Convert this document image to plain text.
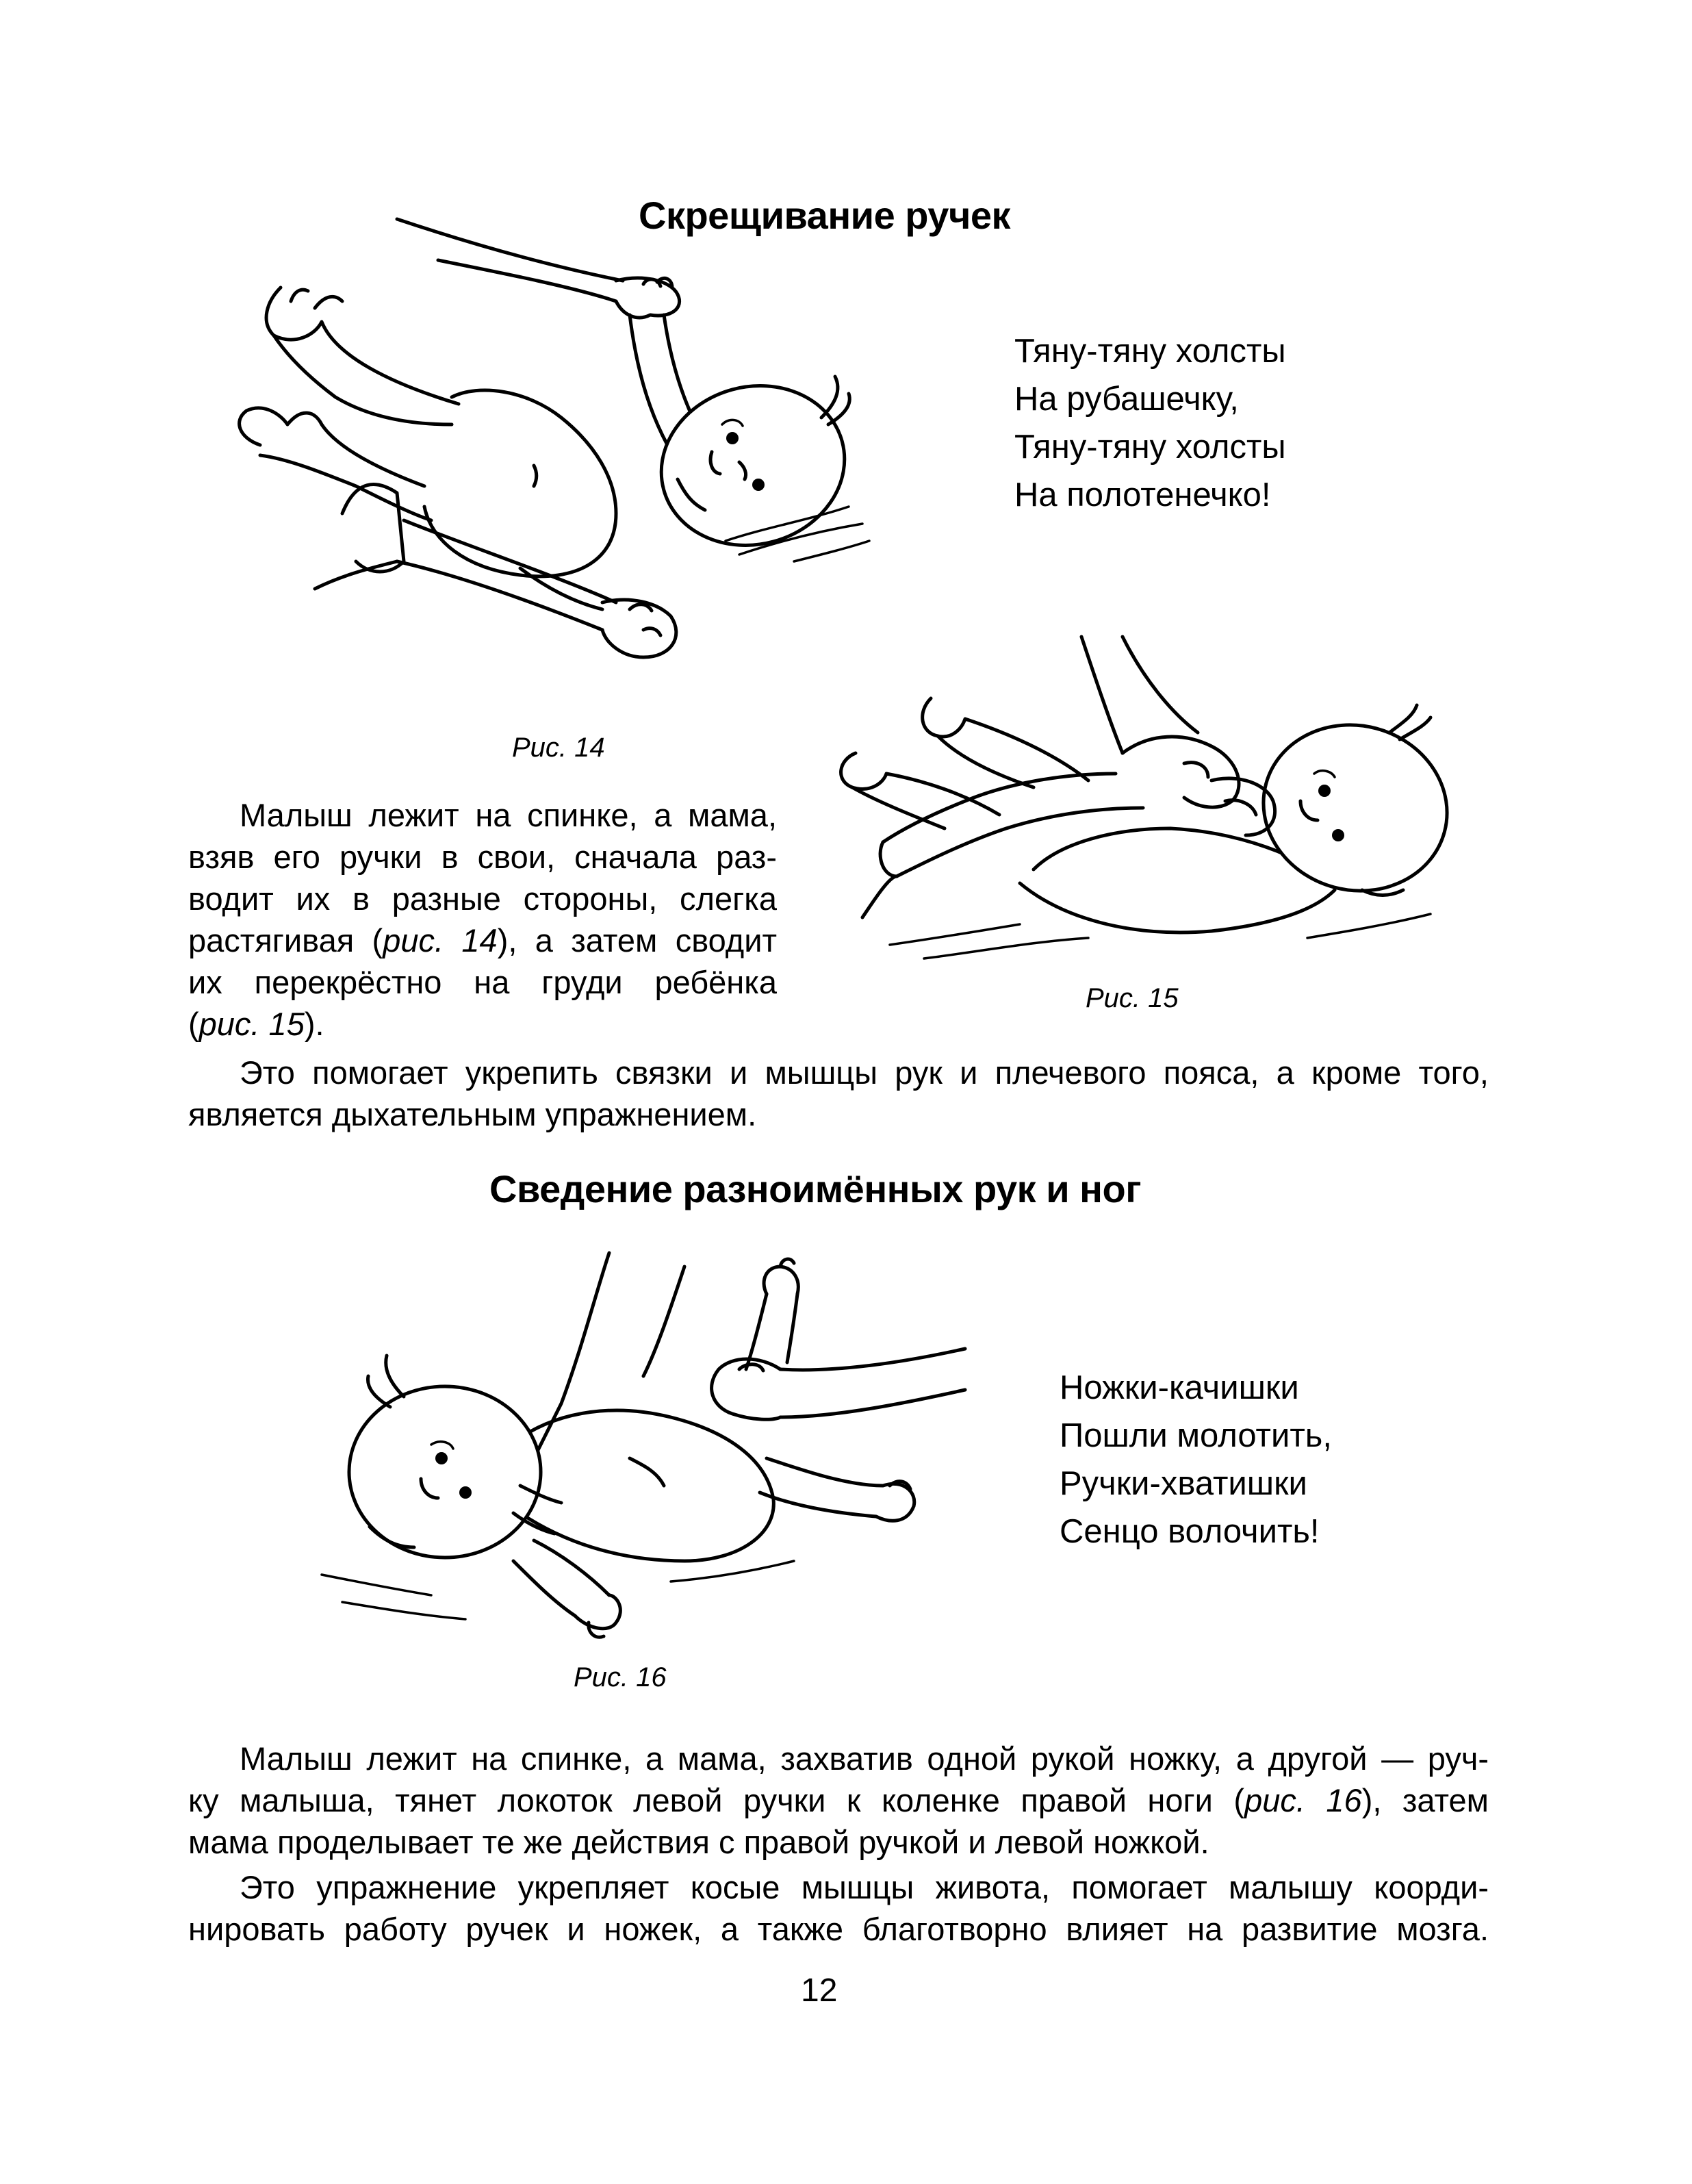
Скрещивание ручек
Тяну-тяну холсты
На рубашечку,
Тяну-тяну холсты
На полотенечко!
Рис. 14
Рис. 15
Малыш лежит на спинке, а мама,
взяв его ручки в свои, сначала раз-
водит их в разные стороны, слегка
растягивая (рис. 14), а затем сводит
их перекрёстно на груди ребёнка
(рис. 15).
Это помогает укрепить связки и мышцы рук и плечевого пояса, а кроме того,
является дыхательным упражнением.
Сведение разноимённых рук и ног
Ножки-качишки
Пошли молотить,
Ручки-хватишки
Сенцо волочить!
Рис. 16
Малыш лежит на спинке, а мама, захватив одной рукой ножку, а другой — руч-
ку малыша, тянет локоток левой ручки к коленке правой ноги (рис. 16), затем
мама проделывает те же действия с правой ручкой и левой ножкой.
Это упражнение укрепляет косые мышцы живота, помогает малышу коорди-
нировать работу ручек и ножек, а также благотворно влияет на развитие мозга.
12
